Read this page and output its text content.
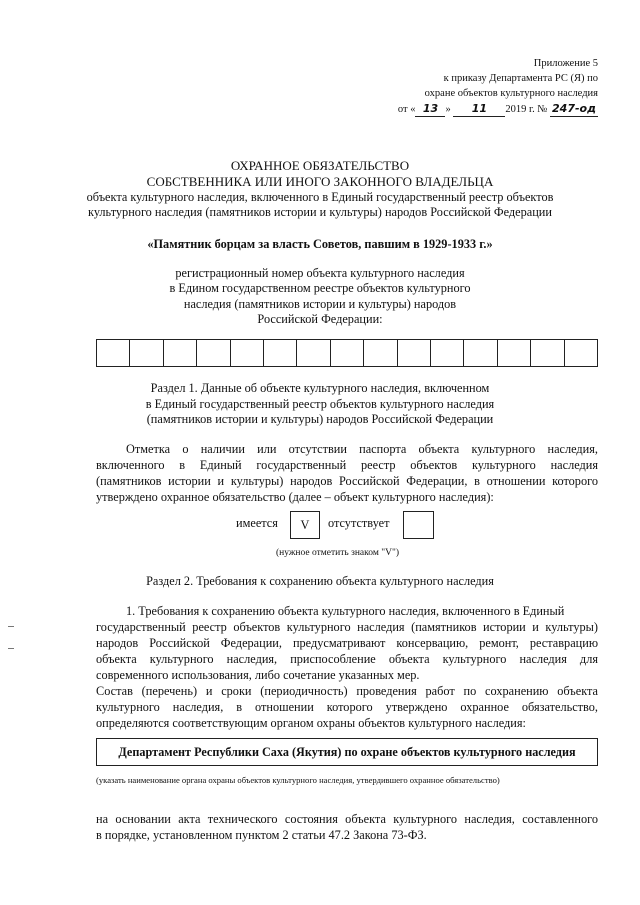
Приложение 5
к приказу Департамента РС (Я) по
охране объектов культурного наследия
от « 13 » 11 2019 г. № 247-од
ОХРАННОЕ ОБЯЗАТЕЛЬСТВО
СОБСТВЕННИКА ИЛИ ИНОГО ЗАКОННОГО ВЛАДЕЛЬЦА
объекта культурного наследия, включенного в Единый государственный реестр объектов
культурного наследия (памятников истории и культуры) народов Российской Федерации
«Памятник борцам за власть Советов, павшим в 1929-1933 г.»
регистрационный номер объекта культурного наследия
в Едином государственном реестре объектов культурного
наследия (памятников истории и культуры) народов
Российской Федерации:
Раздел 1. Данные об объекте культурного наследия, включенном
в Единый государственный реестр объектов культурного наследия
(памятников истории и культуры) народов Российской Федерации
Отметка о наличии или отсутствии паспорта объекта культурного наследия,
включенного в Единый государственный реестр объектов культурного наследия
(памятников истории и культуры) народов Российской Федерации, в отношении которого
утверждено охранное обязательство (далее – объект культурного наследия):
имеется	V	отсутствует
(нужное отметить знаком "V")
Раздел 2. Требования к сохранению объекта культурного наследия
1. Требования к сохранению объекта культурного наследия, включенного в Единый
государственный реестр объектов культурного наследия (памятников истории и культуры)
народов Российской Федерации, предусматривают консервацию, ремонт, реставрацию
объекта культурного наследия, приспособление объекта культурного наследия для
современного использования, либо сочетание указанных мер.
Состав (перечень) и сроки (периодичность) проведения работ по сохранению объекта
культурного наследия, в отношении которого утверждено охранное обязательство,
определяются соответствующим органом охраны объектов культурного наследия:
Департамент Республики Саха (Якутия) по охране объектов культурного наследия
(указать наименование органа охраны объектов культурного наследия, утвердившего охранное обязательство)
на основании акта технического состояния объекта культурного наследия, составленного
в порядке, установленном пунктом 2 статьи 47.2 Закона 73-ФЗ.
